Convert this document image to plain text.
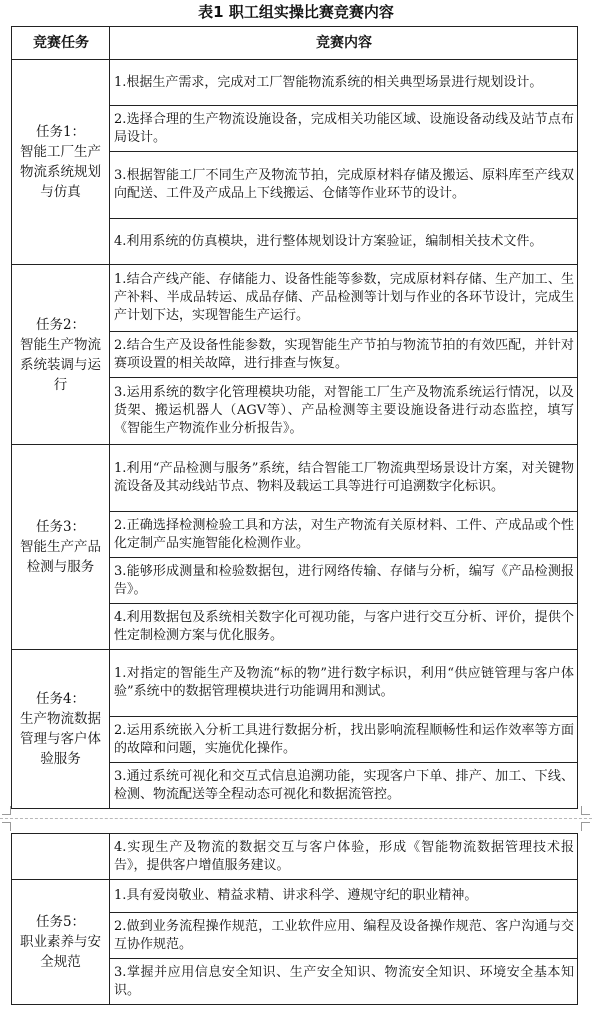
表1 职工组实操比赛竞赛内容
竞赛任务	竞赛内容
任务1：
智能工厂生产物流系统规划与仿真	1.根据生产需求，完成对工厂智能物流系统的相关典型场景进行规划设计。
	2.选择合理的生产物流设施设备，完成相关功能区域、设施设备动线及站节点布局设计。
	3.根据智能工厂不同生产及物流节拍，完成原材料存储及搬运、原料库至产线双向配送、工件及产成品上下线搬运、仓储等作业环节的设计。
	4.利用系统的仿真模块，进行整体规划设计方案验证，编制相关技术文件。
任务2：
智能生产物流系统装调与运行	1.结合产线产能、存储能力、设备性能等参数，完成原材料存储、生产加工、生产补料、半成品转运、成品存储、产品检测等计划与作业的各环节设计，完成生产计划下达，实现智能生产运行。
	2.结合生产及设备性能参数，实现智能生产节拍与物流节拍的有效匹配，并针对赛项设置的相关故障，进行排查与恢复。
	3.运用系统的数字化管理模块功能，对智能工厂生产及物流系统运行情况，以及货架、搬运机器人（AGV等）、产品检测等主要设施设备进行动态监控，填写《智能生产物流作业分析报告》。
任务3：
智能生产产品检测与服务	1.利用“产品检测与服务”系统，结合智能工厂物流典型场景设计方案，对关键物流设备及其动线站节点、物料及载运工具等进行可追溯数字化标识。
	2.正确选择检测检验工具和方法，对生产物流有关原材料、工件、产成品或个性化定制产品实施智能化检测作业。
	3.能够形成测量和检验数据包，进行网络传输、存储与分析，编写《产品检测报告》。
	4.利用数据包及系统相关数字化可视功能，与客户进行交互分析、评价，提供个性定制检测方案与优化服务。
任务4：
生产物流数据管理与客户体验服务	1.对指定的智能生产及物流“标的物”进行数字标识，利用“供应链管理与客户体验”系统中的数据管理模块进行功能调用和测试。
	2.运用系统嵌入分析工具进行数据分析，找出影响流程顺畅性和运作效率等方面的故障和问题，实施优化操作。
	3.通过系统可视化和交互式信息追溯功能，实现客户下单、排产、加工、下线、检测、物流配送等全程动态可视化和数据流管控。
	4.实现生产及物流的数据交互与客户体验，形成《智能物流数据管理技术报告》，提供客户增值服务建议。
任务5：
职业素养与安全规范	1.具有爱岗敬业、精益求精、讲求科学、遵规守纪的职业精神。
	2.做到业务流程操作规范，工业软件应用、编程及设备操作规范、客户沟通与交互协作规范。
	3.掌握并应用信息安全知识、生产安全知识、物流安全知识、环境安全基本知识。
